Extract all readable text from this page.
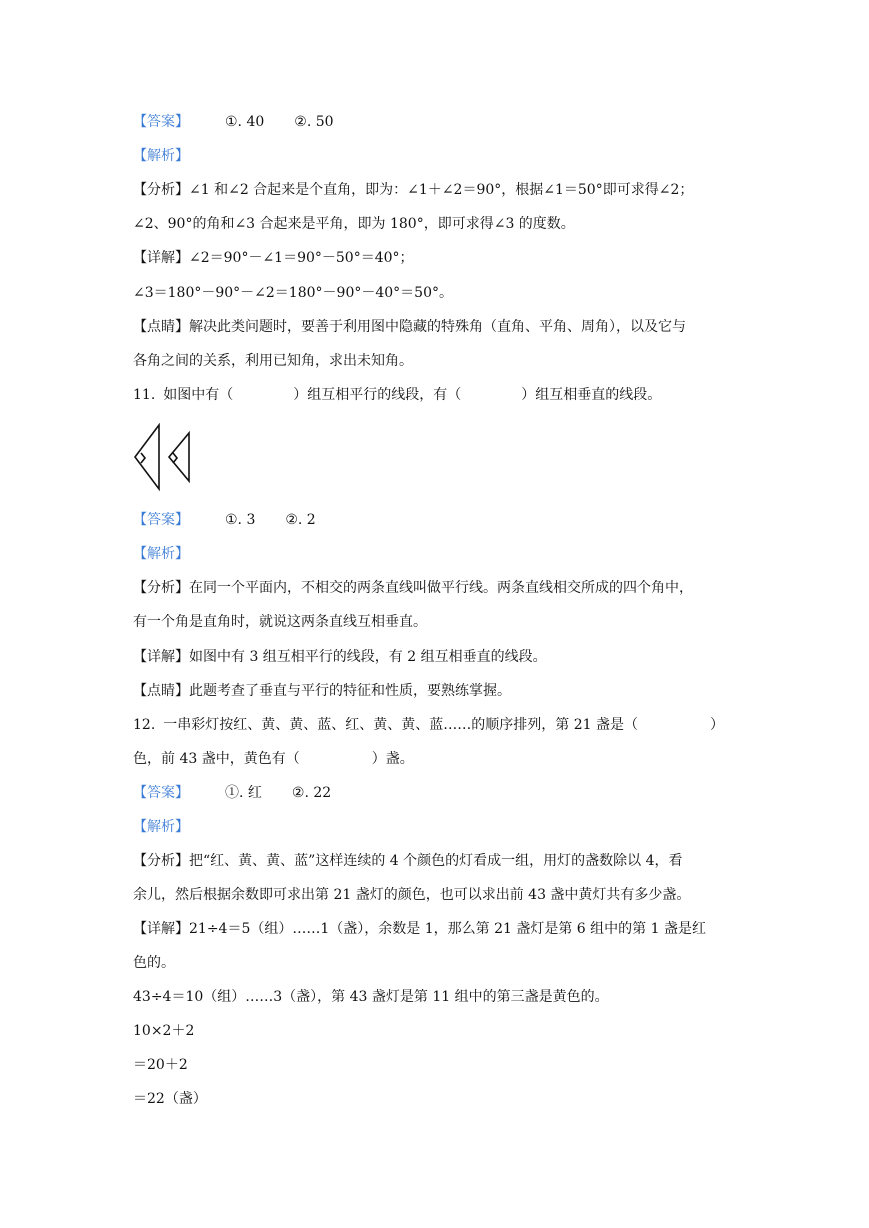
【答案】	①. 40 ②. 50
【解析】
【分析】∠1 和∠2 合起来是个直角，即为：∠1＋∠2＝90°，根据∠1＝50°即可求得∠2；
∠2、90°的角和∠3 合起来是平角，即为 180°，即可求得∠3 的度数。
【详解】∠2＝90°－∠1＝90°－50°＝40°；
∠3＝180°－90°－∠2＝180°－90°－40°＝50°。
【点睛】解决此类问题时，要善于利用图中隐藏的特殊角（直角、平角、周角），以及它与
各角之间的关系，利用已知角，求出未知角。
11. 如图中有（	）组互相平行的线段，有（	）组互相垂直的线段。
【答案】	①. 3 ②. 2
【解析】
【分析】在同一个平面内，不相交的两条直线叫做平行线。两条直线相交所成的四个角中，
有一个角是直角时，就说这两条直线互相垂直。
【详解】如图中有 3 组互相平行的线段，有 2 组互相垂直的线段。
【点睛】此题考查了垂直与平行的特征和性质，要熟练掌握。
12. 一串彩灯按红、黄、黄、蓝、红、黄、黄、蓝……的顺序排列，第 21 盏是（	）
色，前 43 盏中，黄色有（	）盏。
【答案】	①. 红 ②. 22
【解析】
【分析】把“红、黄、黄、蓝”这样连续的 4 个颜色的灯看成一组，用灯的盏数除以 4，看
余儿，然后根据余数即可求出第 21 盏灯的颜色，也可以求出前 43 盏中黄灯共有多少盏。
【详解】21÷4＝5（组）……1（盏），余数是 1，那么第 21 盏灯是第 6 组中的第 1 盏是红
色的。
43÷4＝10（组）……3（盏），第 43 盏灯是第 11 组中的第三盏是黄色的。
10×2＋2
＝20＋2
＝22（盏）
